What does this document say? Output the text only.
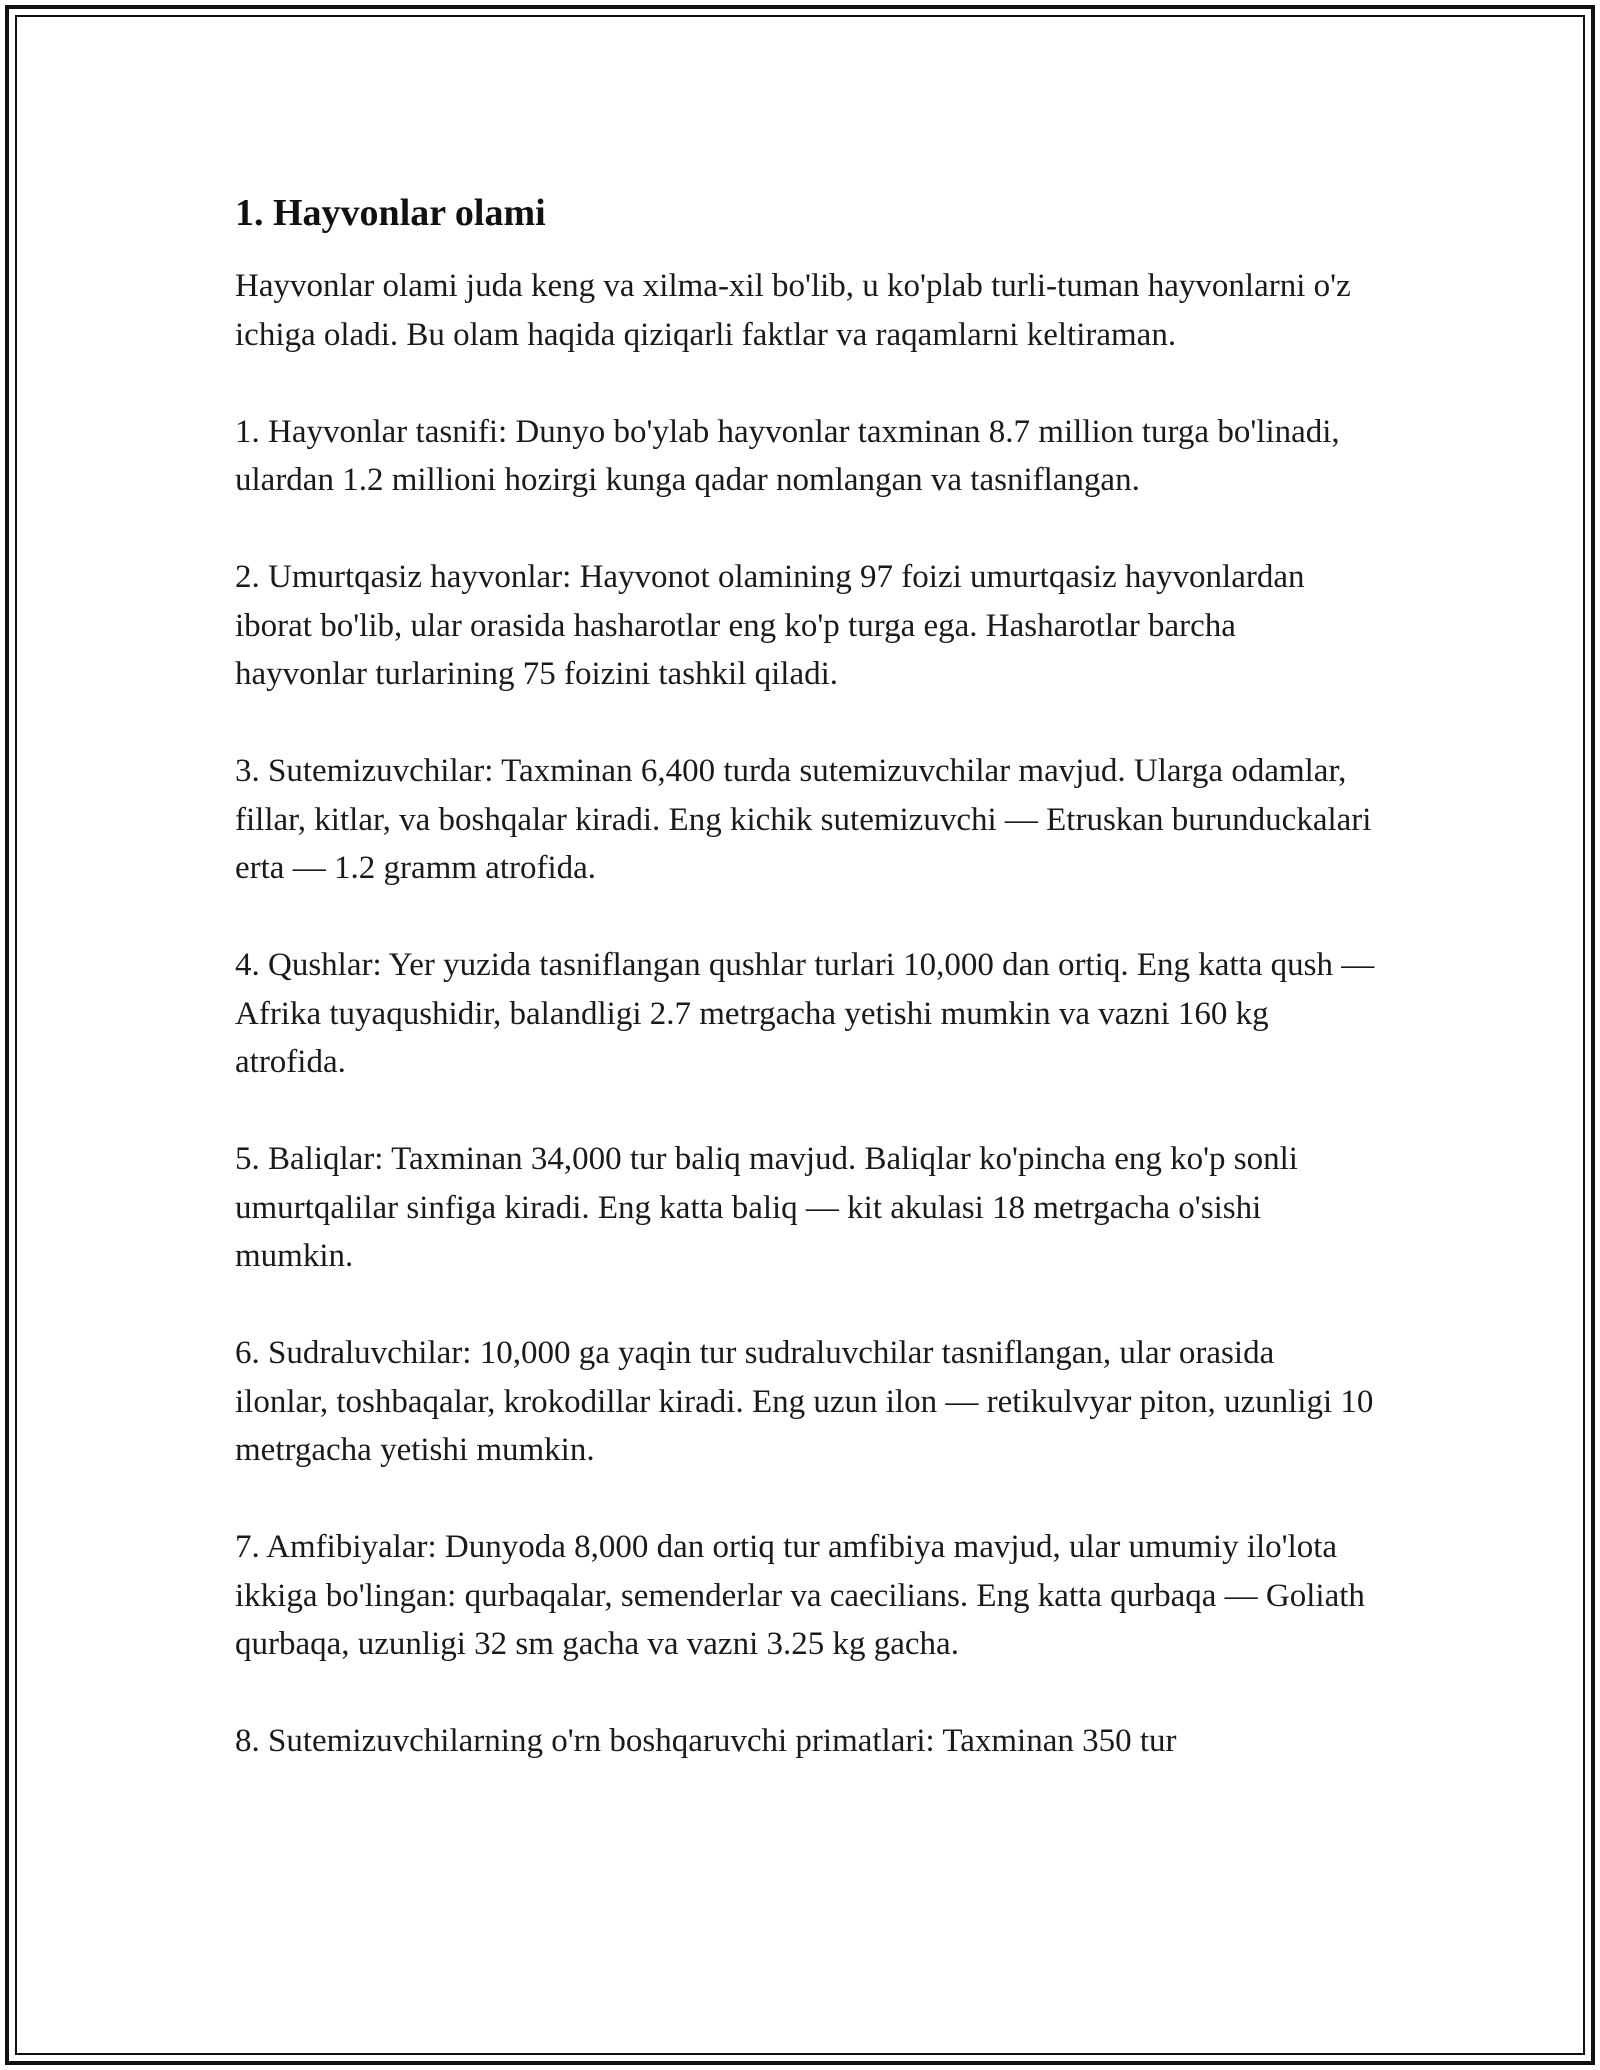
1. Hayvonlar olami

Hayvonlar olami juda keng va xilma-xil bo'lib, u ko'plab turli-tuman hayvonlarni o'z ichiga oladi. Bu olam haqida qiziqarli faktlar va raqamlarni keltiraman.

1. Hayvonlar tasnifi: Dunyo bo'ylab hayvonlar taxminan 8.7 million turga bo'linadi, ulardan 1.2 millioni hozirgi kunga qadar nomlangan va tasniflangan.

2. Umurtqasiz hayvonlar: Hayvonot olamining 97 foizi umurtqasiz hayvonlardan iborat bo'lib, ular orasida hasharotlar eng ko'p turga ega. Hasharotlar barcha hayvonlar turlarining 75 foizini tashkil qiladi.

3. Sutemizuvchilar: Taxminan 6,400 turda sutemizuvchilar mavjud. Ularga odamlar, fillar, kitlar, va boshqalar kiradi. Eng kichik sutemizuvchi — Etruskan burunduckalari erta — 1.2 gramm atrofida.

4. Qushlar: Yer yuzida tasniflangan qushlar turlari 10,000 dan ortiq. Eng katta qush — Afrika tuyaqushidir, balandligi 2.7 metrgacha yetishi mumkin va vazni 160 kg atrofida.

5. Baliqlar: Taxminan 34,000 tur baliq mavjud. Baliqlar ko'pincha eng ko'p sonli umurtqalilar sinfiga kiradi. Eng katta baliq — kit akulasi 18 metrgacha o'sishi mumkin.

6. Sudraluvchilar: 10,000 ga yaqin tur sudraluvchilar tasniflangan, ular orasida ilonlar, toshbaqalar, krokodillar kiradi. Eng uzun ilon — retikulvyar piton, uzunligi 10 metrgacha yetishi mumkin.

7. Amfibiyalar: Dunyoda 8,000 dan ortiq tur amfibiya mavjud, ular umumiy ilo'lota ikkiga bo'lingan: qurbaqalar, semenderlar va caecilians. Eng katta qurbaqa — Goliath qurbaqa, uzunligi 32 sm gacha va vazni 3.25 kg gacha.

8. Sutemizuvchilarning o'rn boshqaruvchi primatlari: Taxminan 350 tur
